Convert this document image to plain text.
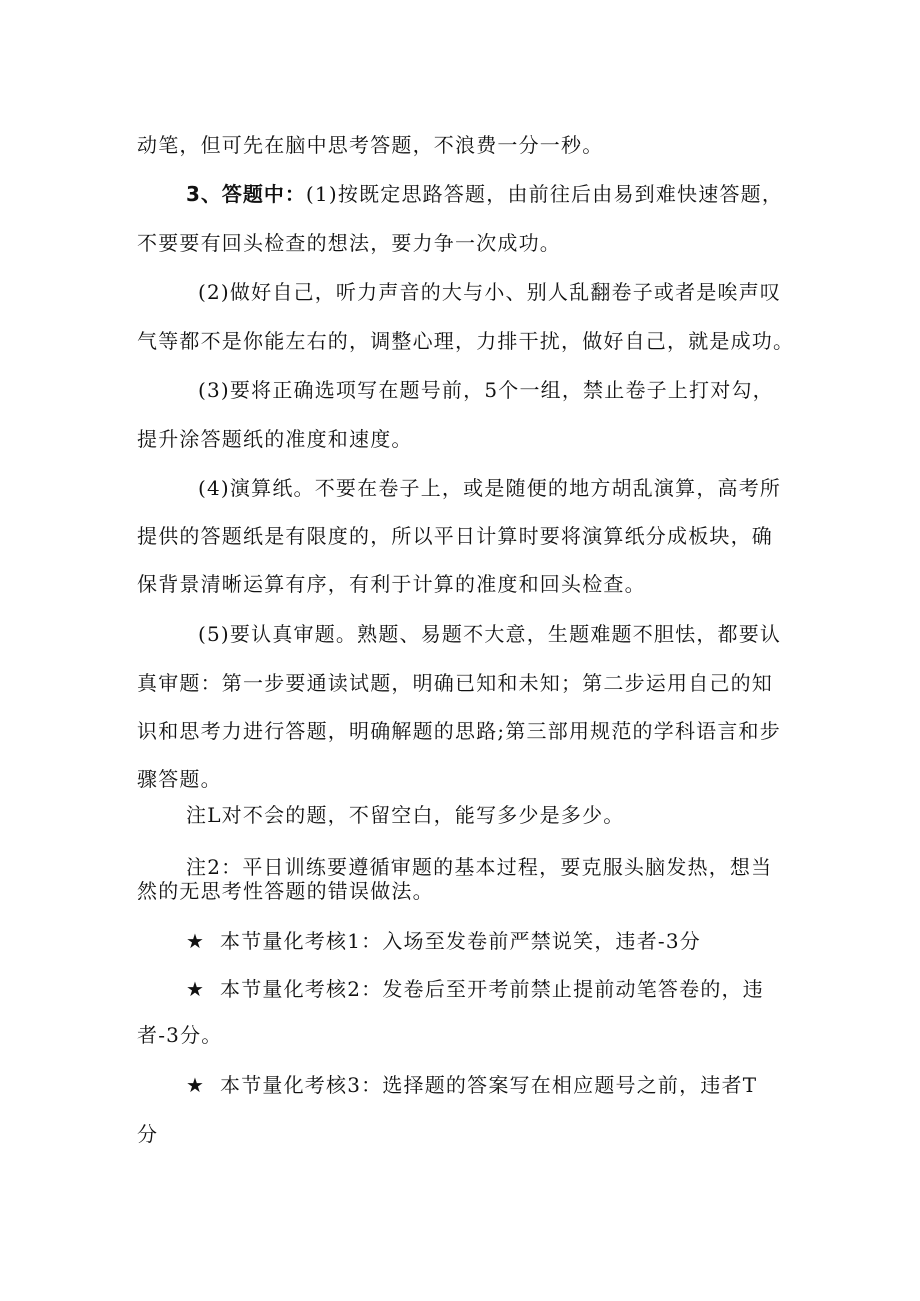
动笔，但可先在脑中思考答题，不浪费一分一秒。
3、答题中：(1)按既定思路答题，由前往后由易到难快速答题，
不要要有回头检查的想法，要力争一次成功。
(2)做好自己，听力声音的大与小、别人乱翻卷子或者是唉声叹
气等都不是你能左右的，调整心理，力排干扰，做好自己，就是成功。
(3)要将正确选项写在题号前，5个一组，禁止卷子上打对勾，
提升涂答题纸的准度和速度。
(4)演算纸。不要在卷子上，或是随便的地方胡乱演算，高考所
提供的答题纸是有限度的，所以平日计算时要将演算纸分成板块，确
保背景清晰运算有序，有利于计算的准度和回头检查。
(5)要认真审题。熟题、易题不大意，生题难题不胆怯，都要认
真审题：第一步要通读试题，明确已知和未知；第二步运用自己的知
识和思考力进行答题，明确解题的思路;第三部用规范的学科语言和步
骤答题。
注L对不会的题，不留空白，能写多少是多少。
注2：平日训练要遵循审题的基本过程，要克服头脑发热，想当
然的无思考性答题的错误做法。
★ 本节量化考核1：入场至发卷前严禁说笑，违者-3分
★ 本节量化考核2：发卷后至开考前禁止提前动笔答卷的，违
者-3分。
★ 本节量化考核3：选择题的答案写在相应题号之前，违者T
分
